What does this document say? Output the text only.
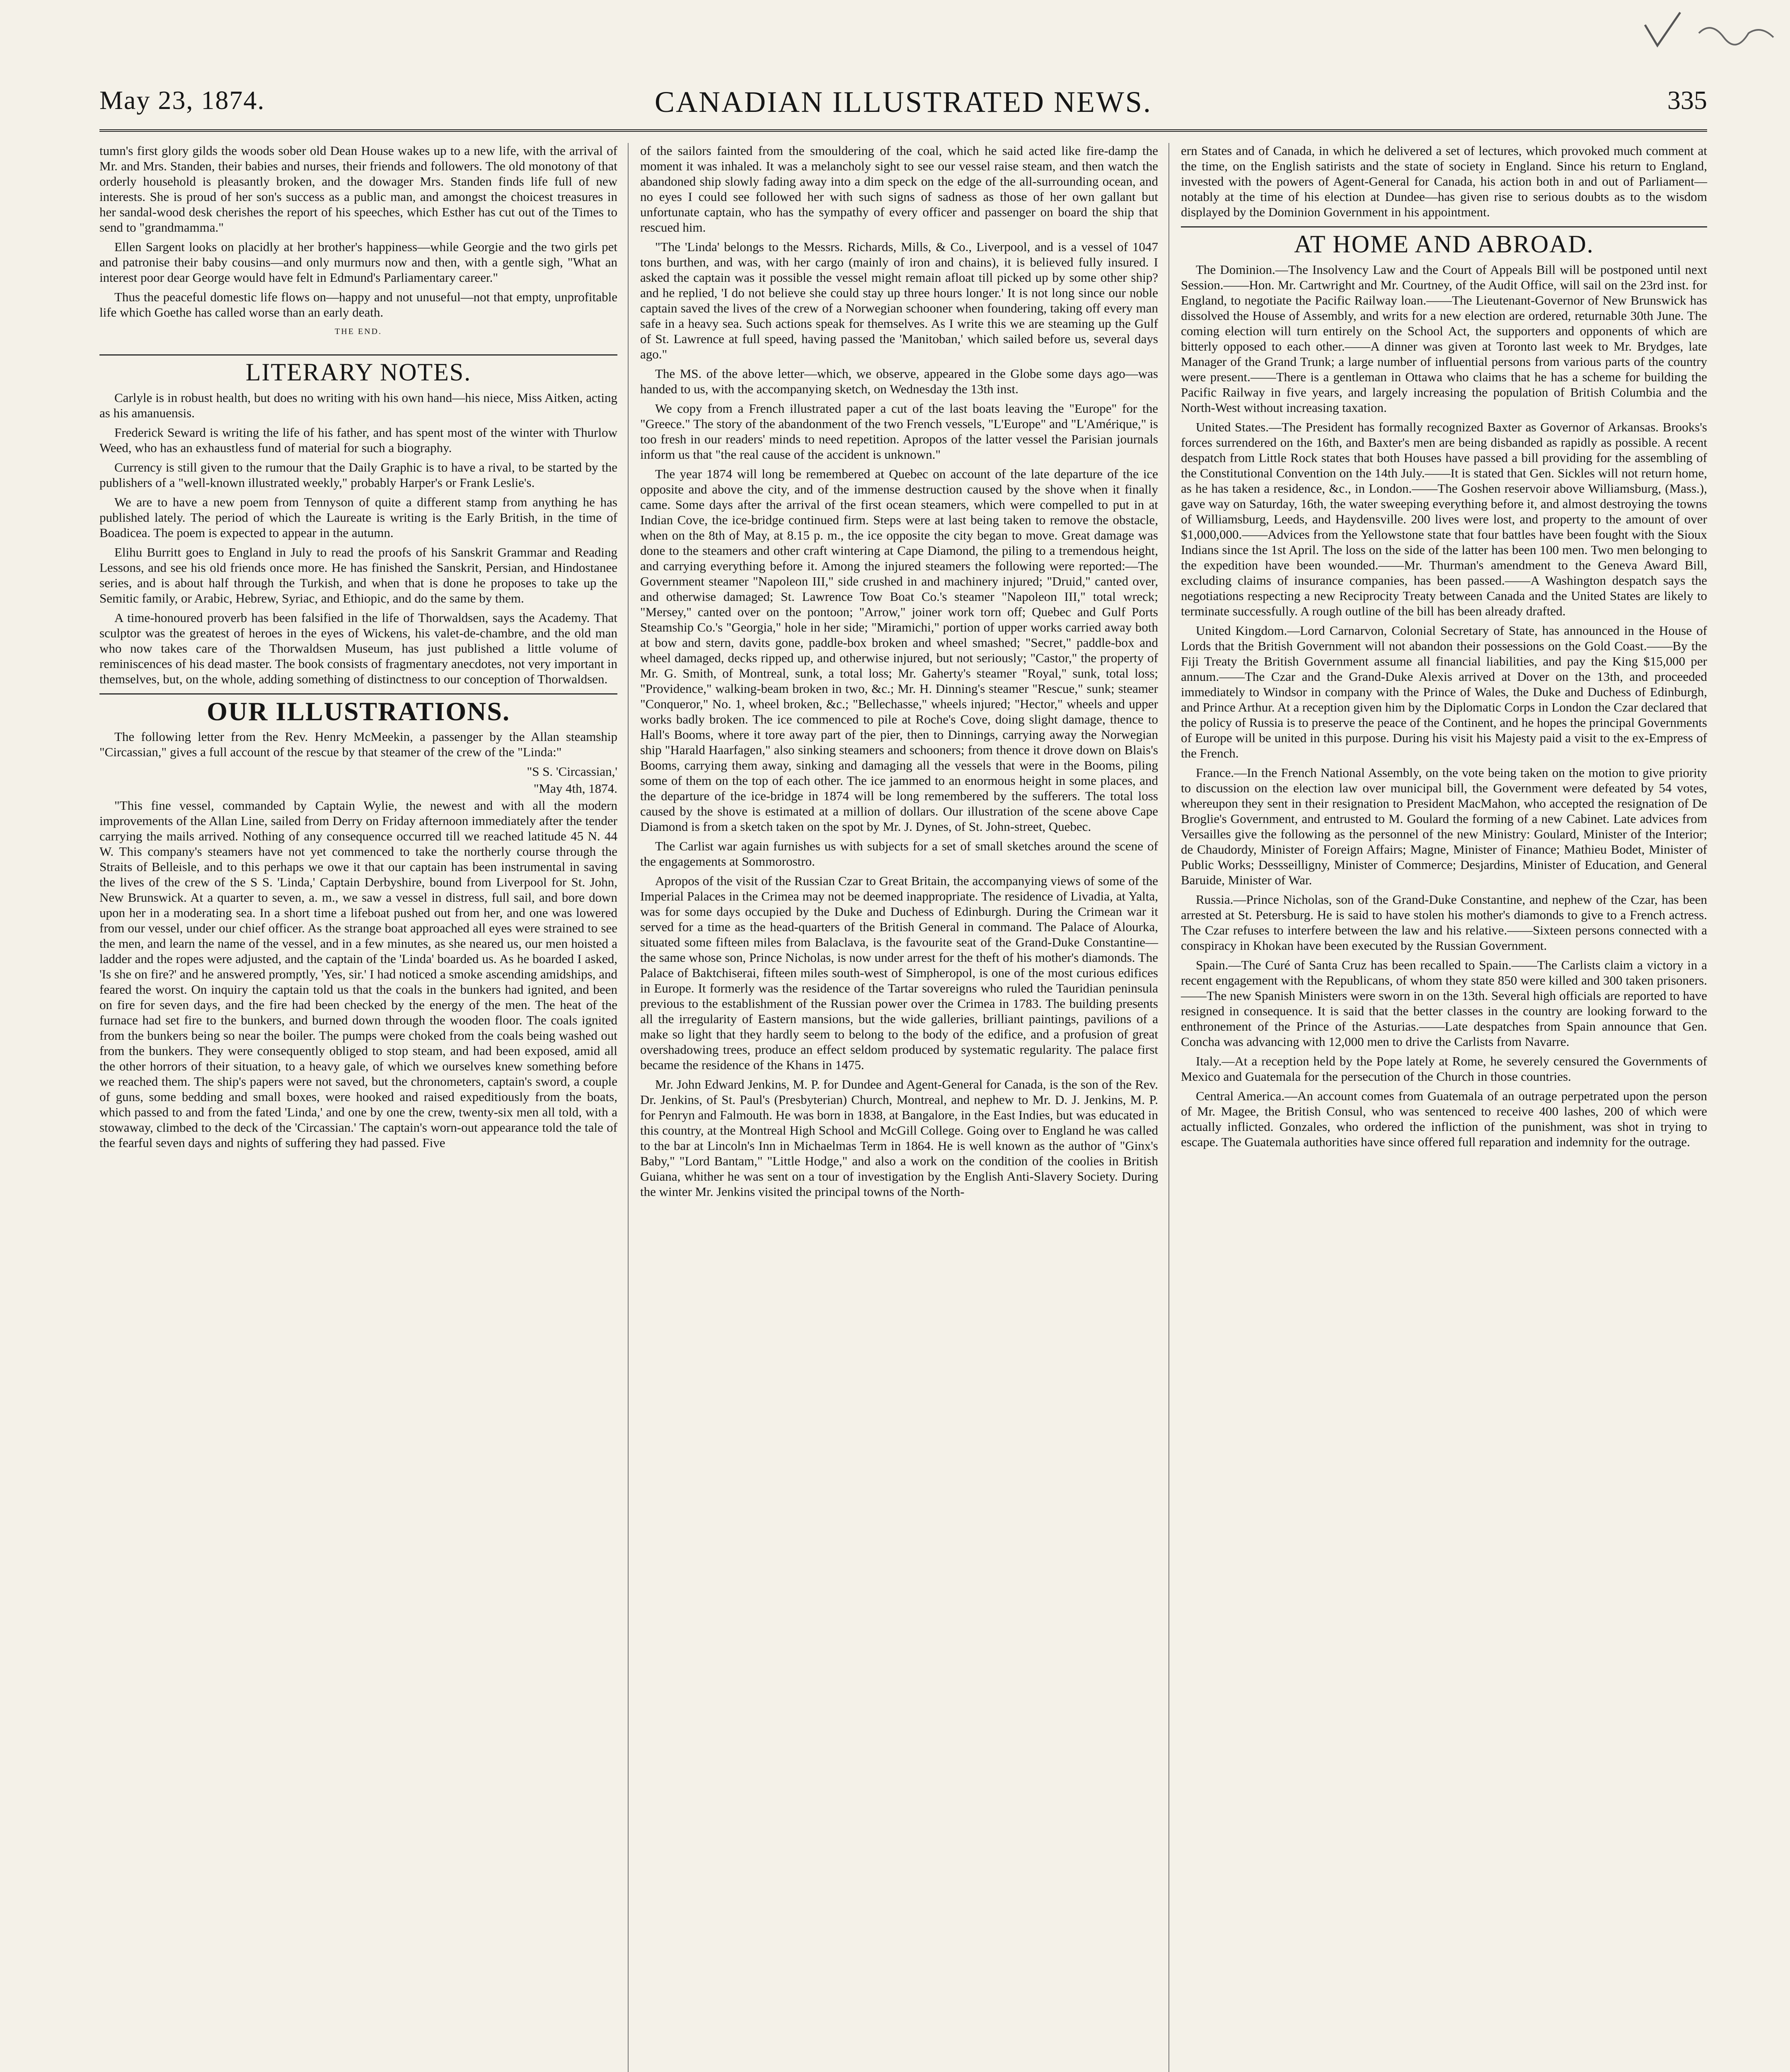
May 23, 1874.	CANADIAN ILLUSTRATED NEWS.	335

tumn's first glory gilds the woods sober old Dean House wakes up to a new life, with the arrival of Mr. and Mrs. Standen, their babies and nurses, their friends and followers. The old monotony of that orderly household is pleasantly broken, and the dowager Mrs. Standen finds life full of new interests. She is proud of her son's success as a public man, and amongst the choicest treasures in her sandal-wood desk cherishes the report of his speeches, which Esther has cut out of the Times to send to "grandmamma."

Ellen Sargent looks on placidly at her brother's happiness—while Georgie and the two girls pet and patronise their baby cousins—and only murmurs now and then, with a gentle sigh, "What an interest poor dear George would have felt in Edmund's Parliamentary career."

Thus the peaceful domestic life flows on—happy and not unuseful—not that empty, unprofitable life which Goethe has called worse than an early death.

THE END.
LITERARY NOTES.

Carlyle is in robust health, but does no writing with his own hand—his niece, Miss Aitken, acting as his amanuensis.

Frederick Seward is writing the life of his father, and has spent most of the winter with Thurlow Weed, who has an exhaustless fund of material for such a biography.

Currency is still given to the rumour that the Daily Graphic is to have a rival, to be started by the publishers of a "well-known illustrated weekly," probably Harper's or Frank Leslie's.

We are to have a new poem from Tennyson of quite a different stamp from anything he has published lately. The period of which the Laureate is writing is the Early British, in the time of Boadicea. The poem is expected to appear in the autumn.

Elihu Burritt goes to England in July to read the proofs of his Sanskrit Grammar and Reading Lessons, and see his old friends once more. He has finished the Sanskrit, Persian, and Hindostanee series, and is about half through the Turkish, and when that is done he proposes to take up the Semitic family, or Arabic, Hebrew, Syriac, and Ethiopic, and do the same by them.

A time-honoured proverb has been falsified in the life of Thorwaldsen, says the Academy. That sculptor was the greatest of heroes in the eyes of Wickens, his valet-de-chambre, and the old man who now takes care of the Thorwaldsen Museum, has just published a little volume of reminiscences of his dead master. The book consists of fragmentary anecdotes, not very important in themselves, but, on the whole, adding something of distinctness to our conception of Thorwaldsen.

OUR ILLUSTRATIONS.

The following letter from the Rev. Henry McMeekin, a passenger by the Allan steamship "Circassian," gives a full account of the rescue by that steamer of the crew of the "Linda:"

"S S. 'Circassian,'

"May 4th, 1874.

"This fine vessel, commanded by Captain Wylie, the newest and with all the modern improvements of the Allan Line, sailed from Derry on Friday afternoon immediately after the tender carrying the mails arrived. Nothing of any consequence occurred till we reached latitude 45 N. 44 W. This company's steamers have not yet commenced to take the northerly course through the Straits of Belleisle, and to this perhaps we owe it that our captain has been instrumental in saving the lives of the crew of the S S. 'Linda,' Captain Derbyshire, bound from Liverpool for St. John, New Brunswick. At a quarter to seven, a. m., we saw a vessel in distress, full sail, and bore down upon her in a moderating sea. In a short time a lifeboat pushed out from her, and one was lowered from our vessel, under our chief officer. As the strange boat approached all eyes were strained to see the men, and learn the name of the vessel, and in a few minutes, as she neared us, our men hoisted a ladder and the ropes were adjusted, and the captain of the 'Linda' boarded us. As he boarded I asked, 'Is she on fire?' and he answered promptly, 'Yes, sir.' I had noticed a smoke ascending amidships, and feared the worst. On inquiry the captain told us that the coals in the bunkers had ignited, and been on fire for seven days, and the fire had been checked by the energy of the men. The heat of the furnace had set fire to the bunkers, and burned down through the wooden floor. The coals ignited from the bunkers being so near the boiler. The pumps were choked from the coals being washed out from the bunkers. They were consequently obliged to stop steam, and had been exposed, amid all the other horrors of their situation, to a heavy gale, of which we ourselves knew something before we reached them. The ship's papers were not saved, but the chronometers, captain's sword, a couple of guns, some bedding and small boxes, were hooked and raised expeditiously from the boats, which passed to and from the fated 'Linda,' and one by one the crew, twenty-six men all told, with a stowaway, climbed to the deck of the 'Circassian.' The captain's worn-out appearance told the tale of the fearful seven days and nights of suffering they had passed. Five

of the sailors fainted from the smouldering of the coal, which he said acted like fire-damp the moment it was inhaled. It was a melancholy sight to see our vessel raise steam, and then watch the abandoned ship slowly fading away into a dim speck on the edge of the all-surrounding ocean, and no eyes I could see followed her with such signs of sadness as those of her own gallant but unfortunate captain, who has the sympathy of every officer and passenger on board the ship that rescued him.

"The 'Linda' belongs to the Messrs. Richards, Mills, & Co., Liverpool, and is a vessel of 1047 tons burthen, and was, with her cargo (mainly of iron and chains), it is believed fully insured. I asked the captain was it possible the vessel might remain afloat till picked up by some other ship? and he replied, 'I do not believe she could stay up three hours longer.' It is not long since our noble captain saved the lives of the crew of a Norwegian schooner when foundering, taking off every man safe in a heavy sea. Such actions speak for themselves. As I write this we are steaming up the Gulf of St. Lawrence at full speed, having passed the 'Manitoban,' which sailed before us, several days ago."

The MS. of the above letter—which, we observe, appeared in the Globe some days ago—was handed to us, with the accompanying sketch, on Wednesday the 13th inst.

We copy from a French illustrated paper a cut of the last boats leaving the "Europe" for the "Greece." The story of the abandonment of the two French vessels, "L'Europe" and "L'Amérique," is too fresh in our readers' minds to need repetition. Apropos of the latter vessel the Parisian journals inform us that "the real cause of the accident is unknown."

The year 1874 will long be remembered at Quebec on account of the late departure of the ice opposite and above the city, and of the immense destruction caused by the shove when it finally came. Some days after the arrival of the first ocean steamers, which were compelled to put in at Indian Cove, the ice-bridge continued firm. Steps were at last being taken to remove the obstacle, when on the 8th of May, at 8.15 p. m., the ice opposite the city began to move. Great damage was done to the steamers and other craft wintering at Cape Diamond, the piling to a tremendous height, and carrying everything before it. Among the injured steamers the following were reported:—The Government steamer "Napoleon III," side crushed in and machinery injured; "Druid," canted over, and otherwise damaged; St. Lawrence Tow Boat Co.'s steamer "Napoleon III," total wreck; "Mersey," canted over on the pontoon; "Arrow," joiner work torn off; Quebec and Gulf Ports Steamship Co.'s "Georgia," hole in her side; "Miramichi," portion of upper works carried away both at bow and stern, davits gone, paddle-box broken and wheel smashed; "Secret," paddle-box and wheel damaged, decks ripped up, and otherwise injured, but not seriously; "Castor," the property of Mr. G. Smith, of Montreal, sunk, a total loss; Mr. Gaherty's steamer "Royal," sunk, total loss; "Providence," walking-beam broken in two, &c.; Mr. H. Dinning's steamer "Rescue," sunk; steamer "Conqueror," No. 1, wheel broken, &c.; "Bellechasse," wheels injured; "Hector," wheels and upper works badly broken. The ice commenced to pile at Roche's Cove, doing slight damage, thence to Hall's Booms, where it tore away part of the pier, then to Dinnings, carrying away the Norwegian ship "Harald Haarfagen," also sinking steamers and schooners; from thence it drove down on Blais's Booms, carrying them away, sinking and damaging all the vessels that were in the Booms, piling some of them on the top of each other. The ice jammed to an enormous height in some places, and the departure of the ice-bridge in 1874 will be long remembered by the sufferers. The total loss caused by the shove is estimated at a million of dollars. Our illustration of the scene above Cape Diamond is from a sketch taken on the spot by Mr. J. Dynes, of St. John-street, Quebec.

The Carlist war again furnishes us with subjects for a set of small sketches around the scene of the engagements at Sommorostro.

Apropos of the visit of the Russian Czar to Great Britain, the accompanying views of some of the Imperial Palaces in the Crimea may not be deemed inappropriate. The residence of Livadia, at Yalta, was for some days occupied by the Duke and Duchess of Edinburgh. During the Crimean war it served for a time as the head-quarters of the British General in command. The Palace of Alourka, situated some fifteen miles from Balaclava, is the favourite seat of the Grand-Duke Constantine—the same whose son, Prince Nicholas, is now under arrest for the theft of his mother's diamonds. The Palace of Baktchiserai, fifteen miles south-west of Simpheropol, is one of the most curious edifices in Europe. It formerly was the residence of the Tartar sovereigns who ruled the Tauridian peninsula previous to the establishment of the Russian power over the Crimea in 1783. The building presents all the irregularity of Eastern mansions, but the wide galleries, brilliant paintings, pavilions of a make so light that they hardly seem to belong to the body of the edifice, and a profusion of great overshadowing trees, produce an effect seldom produced by systematic regularity. The palace first became the residence of the Khans in 1475.

Mr. John Edward Jenkins, M. P. for Dundee and Agent-General for Canada, is the son of the Rev. Dr. Jenkins, of St. Paul's (Presbyterian) Church, Montreal, and nephew to Mr. D. J. Jenkins, M. P. for Penryn and Falmouth. He was born in 1838, at Bangalore, in the East Indies, but was educated in this country, at the Montreal High School and McGill College. Going over to England he was called to the bar at Lincoln's Inn in Michaelmas Term in 1864. He is well known as the author of "Ginx's Baby," "Lord Bantam," "Little Hodge," and also a work on the condition of the coolies in British Guiana, whither he was sent on a tour of investigation by the English Anti-Slavery Society. During the winter Mr. Jenkins visited the principal towns of the North-

ern States and of Canada, in which he delivered a set of lectures, which provoked much comment at the time, on the English satirists and the state of society in England. Since his return to England, invested with the powers of Agent-General for Canada, his action both in and out of Parliament—notably at the time of his election at Dundee—has given rise to serious doubts as to the wisdom displayed by the Dominion Government in his appointment.

AT HOME AND ABROAD.

The Dominion.—The Insolvency Law and the Court of Appeals Bill will be postponed until next Session.——Hon. Mr. Cartwright and Mr. Courtney, of the Audit Office, will sail on the 23rd inst. for England, to negotiate the Pacific Railway loan.——The Lieutenant-Governor of New Brunswick has dissolved the House of Assembly, and writs for a new election are ordered, returnable 30th June. The coming election will turn entirely on the School Act, the supporters and opponents of which are bitterly opposed to each other.——A dinner was given at Toronto last week to Mr. Brydges, late Manager of the Grand Trunk; a large number of influential persons from various parts of the country were present.——There is a gentleman in Ottawa who claims that he has a scheme for building the Pacific Railway in five years, and largely increasing the population of British Columbia and the North-West without increasing taxation.

United States.—The President has formally recognized Baxter as Governor of Arkansas. Brooks's forces surrendered on the 16th, and Baxter's men are being disbanded as rapidly as possible. A recent despatch from Little Rock states that both Houses have passed a bill providing for the assembling of the Constitutional Convention on the 14th July.——It is stated that Gen. Sickles will not return home, as he has taken a residence, &c., in London.——The Goshen reservoir above Williamsburg, (Mass.), gave way on Saturday, 16th, the water sweeping everything before it, and almost destroying the towns of Williamsburg, Leeds, and Haydensville. 200 lives were lost, and property to the amount of over $1,000,000.——Advices from the Yellowstone state that four battles have been fought with the Sioux Indians since the 1st April. The loss on the side of the latter has been 100 men. Two men belonging to the expedition have been wounded.——Mr. Thurman's amendment to the Geneva Award Bill, excluding claims of insurance companies, has been passed.——A Washington despatch says the negotiations respecting a new Reciprocity Treaty between Canada and the United States are likely to terminate successfully. A rough outline of the bill has been already drafted.

United Kingdom.—Lord Carnarvon, Colonial Secretary of State, has announced in the House of Lords that the British Government will not abandon their possessions on the Gold Coast.——By the Fiji Treaty the British Government assume all financial liabilities, and pay the King $15,000 per annum.——The Czar and the Grand-Duke Alexis arrived at Dover on the 13th, and proceeded immediately to Windsor in company with the Prince of Wales, the Duke and Duchess of Edinburgh, and Prince Arthur. At a reception given him by the Diplomatic Corps in London the Czar declared that the policy of Russia is to preserve the peace of the Continent, and he hopes the principal Governments of Europe will be united in this purpose. During his visit his Majesty paid a visit to the ex-Empress of the French.

France.—In the French National Assembly, on the vote being taken on the motion to give priority to discussion on the election law over municipal bill, the Government were defeated by 54 votes, whereupon they sent in their resignation to President MacMahon, who accepted the resignation of De Broglie's Government, and entrusted to M. Goulard the forming of a new Cabinet. Late advices from Versailles give the following as the personnel of the new Ministry: Goulard, Minister of the Interior; de Chaudordy, Minister of Foreign Affairs; Magne, Minister of Finance; Mathieu Bodet, Minister of Public Works; Dessseilligny, Minister of Commerce; Desjardins, Minister of Education, and General Baruide, Minister of War.

Russia.—Prince Nicholas, son of the Grand-Duke Constantine, and nephew of the Czar, has been arrested at St. Petersburg. He is said to have stolen his mother's diamonds to give to a French actress. The Czar refuses to interfere between the law and his relative.——Sixteen persons connected with a conspiracy in Khokan have been executed by the Russian Government.

Spain.—The Curé of Santa Cruz has been recalled to Spain.——The Carlists claim a victory in a recent engagement with the Republicans, of whom they state 850 were killed and 300 taken prisoners.——The new Spanish Ministers were sworn in on the 13th. Several high officials are reported to have resigned in consequence. It is said that the better classes in the country are looking forward to the enthronement of the Prince of the Asturias.——Late despatches from Spain announce that Gen. Concha was advancing with 12,000 men to drive the Carlists from Navarre.

Italy.—At a reception held by the Pope lately at Rome, he severely censured the Governments of Mexico and Guatemala for the persecution of the Church in those countries.

Central America.—An account comes from Guatemala of an outrage perpetrated upon the person of Mr. Magee, the British Consul, who was sentenced to receive 400 lashes, 200 of which were actually inflicted. Gonzales, who ordered the infliction of the punishment, was shot in trying to escape. The Guatemala authorities have since offered full reparation and indemnity for the outrage.
